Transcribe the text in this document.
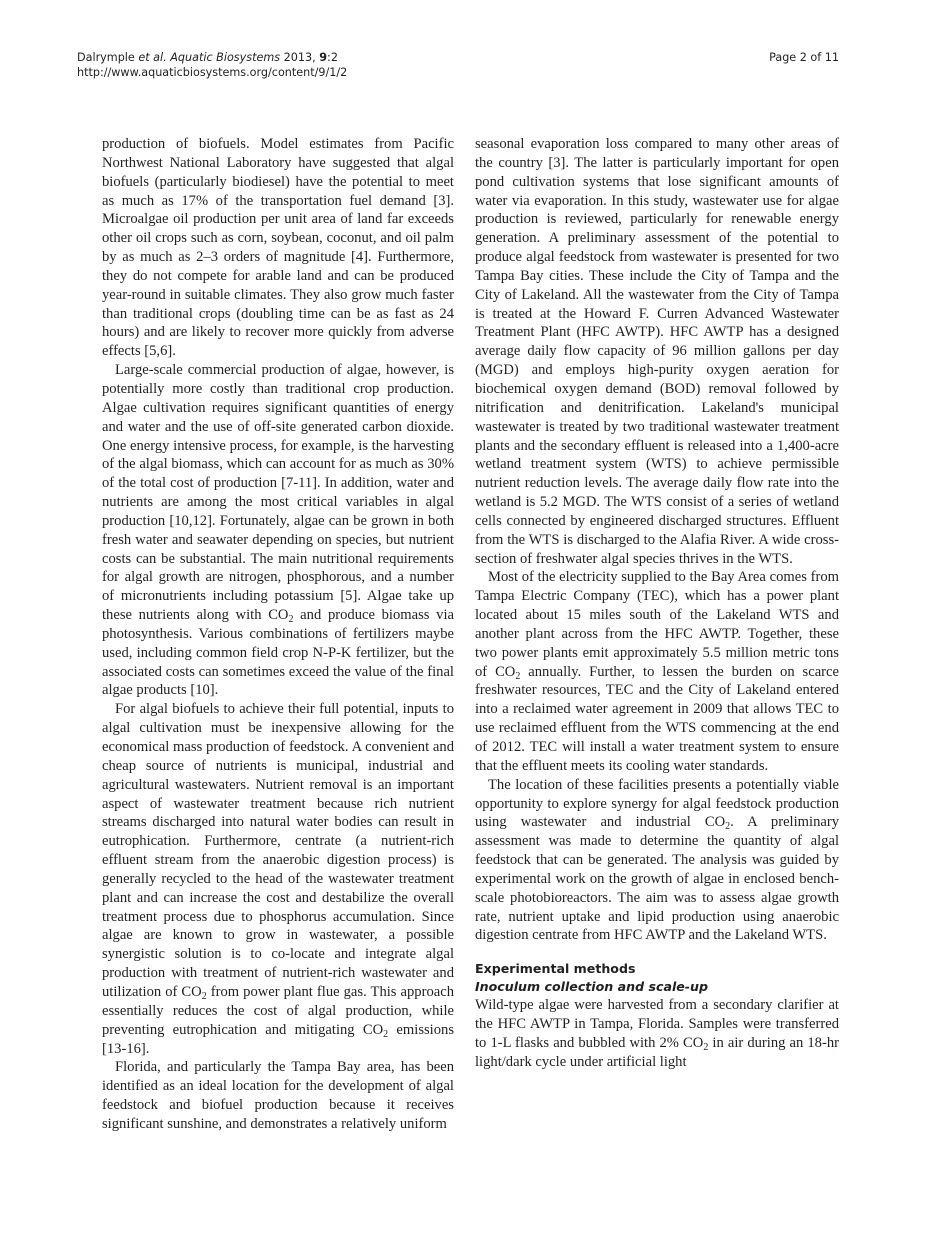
Dalrymple et al. Aquatic Biosystems 2013, 9:2
http://www.aquaticbiosystems.org/content/9/1/2
Page 2 of 11

production of biofuels. Model estimates from Pacific Northwest National Laboratory have suggested that algal biofuels (particularly biodiesel) have the potential to meet as much as 17% of the transportation fuel demand [3]. Microalgae oil production per unit area of land far exceeds other oil crops such as corn, soybean, coconut, and oil palm by as much as 2–3 orders of magnitude [4]. Furthermore, they do not compete for arable land and can be produced year-round in suitable climates. They also grow much faster than traditional crops (doubling time can be as fast as 24 hours) and are likely to recover more quickly from adverse effects [5,6].

Large-scale commercial production of algae, however, is potentially more costly than traditional crop production. Algae cultivation requires significant quantities of energy and water and the use of off-site generated carbon dioxide. One energy intensive process, for example, is the harvesting of the algal biomass, which can account for as much as 30% of the total cost of production [7-11]. In addition, water and nutrients are among the most critical variables in algal production [10,12]. Fortunately, algae can be grown in both fresh water and seawater depending on species, but nutrient costs can be substantial. The main nutritional requirements for algal growth are nitrogen, phosphorous, and a number of micronutrients including potassium [5]. Algae take up these nutrients along with $CO_2$ and produce biomass via photosynthesis. Various combinations of fertilizers maybe used, including common field crop N-P-K fertilizer, but the associated costs can sometimes exceed the value of the final algae products [10].

For algal biofuels to achieve their full potential, inputs to algal cultivation must be inexpensive allowing for the economical mass production of feedstock. A convenient and cheap source of nutrients is municipal, industrial and agricultural wastewaters. Nutrient removal is an important aspect of wastewater treatment because rich nutrient streams discharged into natural water bodies can result in eutrophication. Furthermore, centrate (a nutrient-rich effluent stream from the anaerobic digestion process) is generally recycled to the head of the wastewater treatment plant and can increase the cost and destabilize the overall treatment process due to phosphorus accumulation. Since algae are known to grow in wastewater, a possible synergistic solution is to co-locate and integrate algal production with treatment of nutrient-rich wastewater and utilization of $CO_2$ from power plant flue gas. This approach essentially reduces the cost of algal production, while preventing eutrophication and mitigating $CO_2$ emissions [13-16].

Florida, and particularly the Tampa Bay area, has been identified as an ideal location for the development of algal feedstock and biofuel production because it receives significant sunshine, and demonstrates a relatively uniform

seasonal evaporation loss compared to many other areas of the country [3]. The latter is particularly important for open pond cultivation systems that lose significant amounts of water via evaporation. In this study, wastewater use for algae production is reviewed, particularly for renewable energy generation. A preliminary assessment of the potential to produce algal feedstock from wastewater is presented for two Tampa Bay cities. These include the City of Tampa and the City of Lakeland. All the wastewater from the City of Tampa is treated at the Howard F. Curren Advanced Wastewater Treatment Plant (HFC AWTP). HFC AWTP has a designed average daily flow capacity of 96 million gallons per day (MGD) and employs high-purity oxygen aeration for biochemical oxygen demand (BOD) removal followed by nitrification and denitrification. Lakeland's municipal wastewater is treated by two traditional wastewater treatment plants and the secondary effluent is released into a 1,400-acre wetland treatment system (WTS) to achieve permissible nutrient reduction levels. The average daily flow rate into the wetland is 5.2 MGD. The WTS consist of a series of wetland cells connected by engineered discharged structures. Effluent from the WTS is discharged to the Alafia River. A wide cross-section of freshwater algal species thrives in the WTS.

Most of the electricity supplied to the Bay Area comes from Tampa Electric Company (TEC), which has a power plant located about 15 miles south of the Lakeland WTS and another plant across from the HFC AWTP. Together, these two power plants emit approximately 5.5 million metric tons of $CO_2$ annually. Further, to lessen the burden on scarce freshwater resources, TEC and the City of Lakeland entered into a reclaimed water agreement in 2009 that allows TEC to use reclaimed effluent from the WTS commencing at the end of 2012. TEC will install a water treatment system to ensure that the effluent meets its cooling water standards.

The location of these facilities presents a potentially viable opportunity to explore synergy for algal feedstock production using wastewater and industrial $CO_2$. A preliminary assessment was made to determine the quantity of algal feedstock that can be generated. The analysis was guided by experimental work on the growth of algae in enclosed bench-scale photobioreactors. The aim was to assess algae growth rate, nutrient uptake and lipid production using anaerobic digestion centrate from HFC AWTP and the Lakeland WTS.

Experimental methods
Inoculum collection and scale-up

Wild-type algae were harvested from a secondary clarifier at the HFC AWTP in Tampa, Florida. Samples were transferred to 1-L flasks and bubbled with 2% $CO_2$ in air during an 18-hr light/dark cycle under artificial light
